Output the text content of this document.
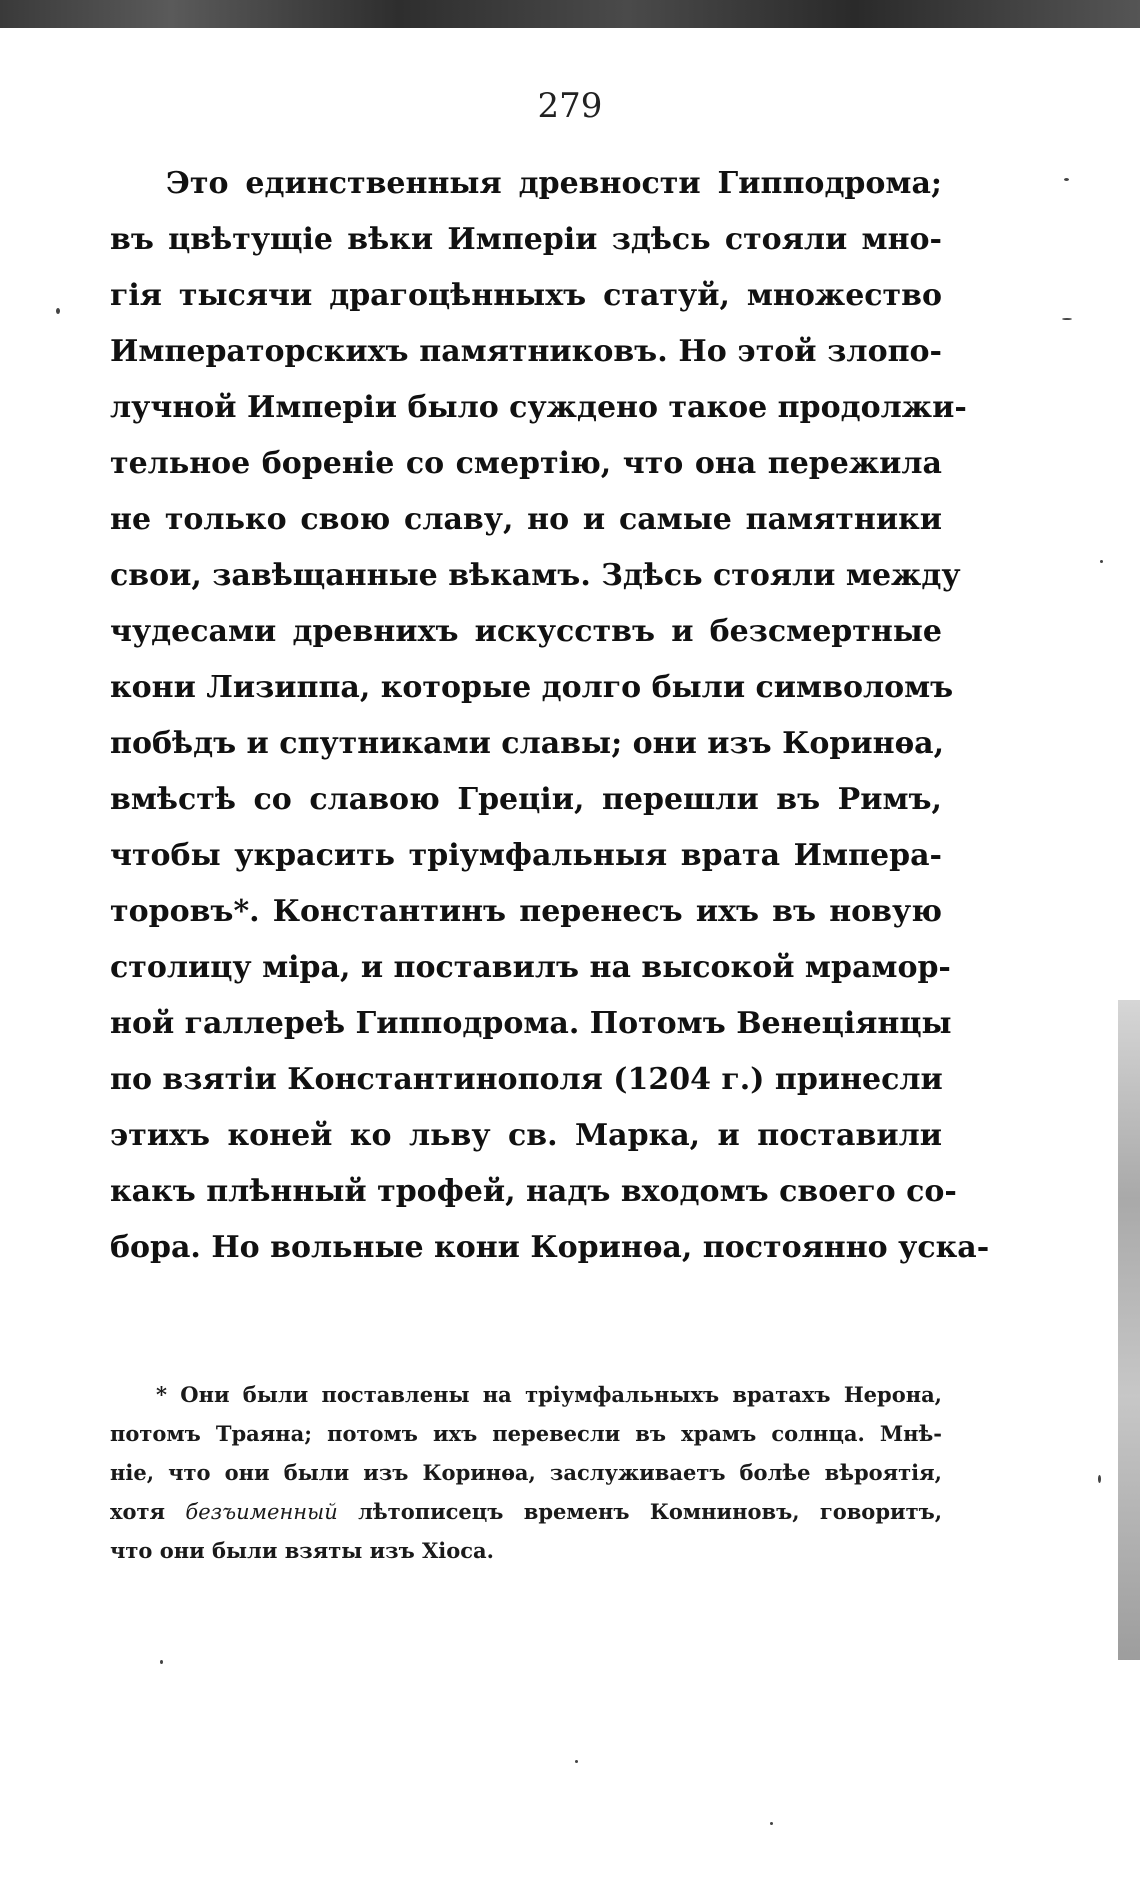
279
Это единственныя древности Гипподрома;
въ цвѣтущіе вѣки Имперіи здѣсь стояли мно-
гія тысячи драгоцѣнныхъ статуй, множество
Императорскихъ памятниковъ. Но этой злопо-
лучной Имперіи было суждено такое продолжи-
тельное бореніе со смертію, что она пережила
не только свою славу, но и самые памятники
свои, завѣщанные вѣкамъ. Здѣсь стояли между
чудесами древнихъ искусствъ и безсмертные
кони Лизиппа, которые долго были символомъ
побѣдъ и спутниками славы; они изъ Коринѳа,
вмѣстѣ со славою Греціи, перешли въ Римъ,
чтобы украсить тріумфальныя врата Импера-
торовъ*. Константинъ перенесъ ихъ въ новую
столицу міра, и поставилъ на высокой мрамор-
ной галлереѣ Гипподрома. Потомъ Венеціянцы
по взятіи Константинополя (1204 г.) принесли
этихъ коней ко льву св. Марка, и поставили
какъ плѣнный трофей, надъ входомъ своего со-
бора. Но вольные кони Коринѳа, постоянно уска-
* Они были поставлены на тріумфальныхъ вратахъ Нерона,
потомъ Траяна; потомъ ихъ перевесли въ храмъ солнца. Мнѣ-
ніе, что они были изъ Коринѳа, заслуживаетъ болѣе вѣроятія,
хотя безъименный лѣтописецъ временъ Комниновъ, говоритъ,
что они были взяты изъ Хіоса.
